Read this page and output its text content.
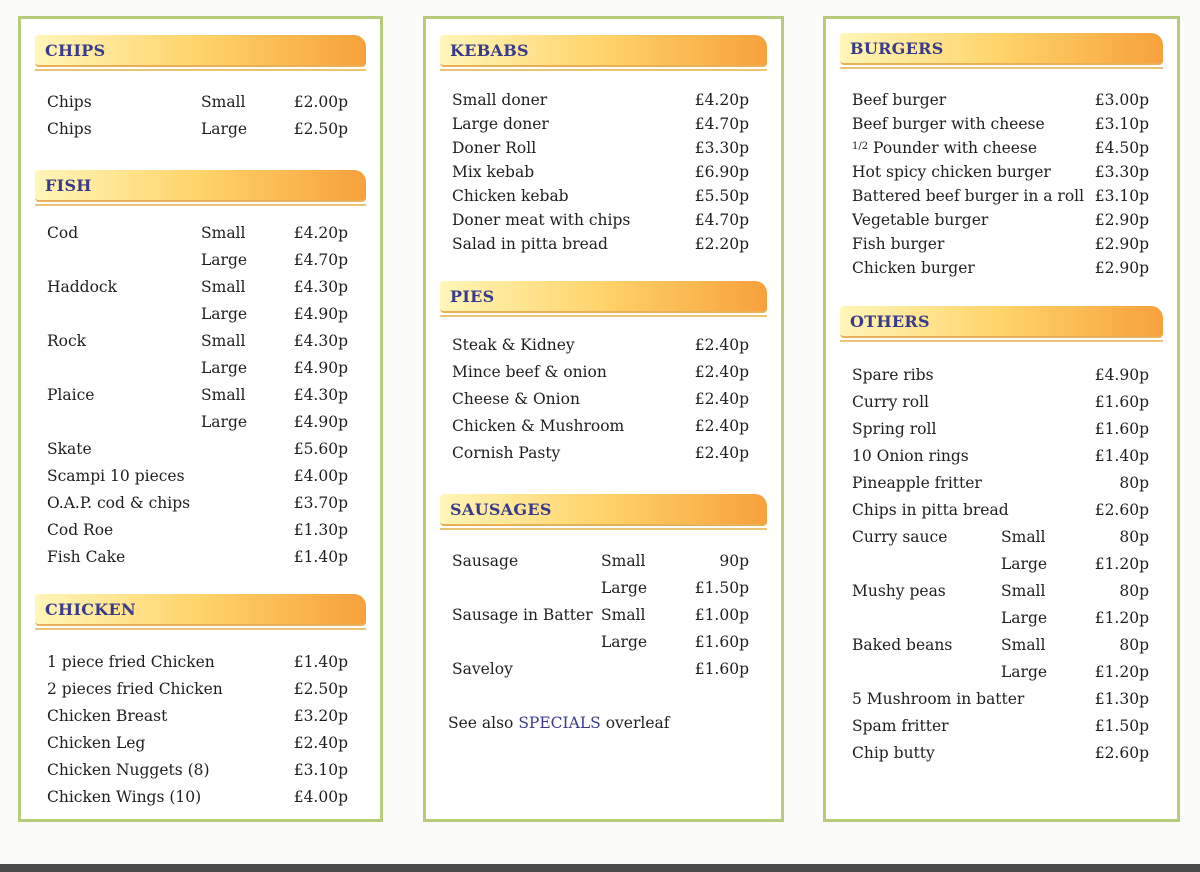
CHIPS
Chips	Small	£2.00p
Chips	Large	£2.50p
FISH
Cod	Small	£4.20p
Large	£4.70p
Haddock	Small	£4.30p
Large	£4.90p
Rock	Small	£4.30p
Large	£4.90p
Plaice	Small	£4.30p
Large	£4.90p
Skate	£5.60p
Scampi 10 pieces	£4.00p
O.A.P. cod & chips	£3.70p
Cod Roe	£1.30p
Fish Cake	£1.40p
CHICKEN
1 piece fried Chicken	£1.40p
2 pieces fried Chicken	£2.50p
Chicken Breast	£3.20p
Chicken Leg	£2.40p
Chicken Nuggets (8)	£3.10p
Chicken Wings (10)	£4.00p
KEBABS
Small doner	£4.20p
Large doner	£4.70p
Doner Roll	£3.30p
Mix kebab	£6.90p
Chicken kebab	£5.50p
Doner meat with chips	£4.70p
Salad in pitta bread	£2.20p
PIES
Steak & Kidney	£2.40p
Mince beef & onion	£2.40p
Cheese & Onion	£2.40p
Chicken & Mushroom	£2.40p
Cornish Pasty	£2.40p
SAUSAGES
Sausage	Small	90p
Large	£1.50p
Sausage in Batter Small	£1.00p
Large	£1.60p
Saveloy	£1.60p
See also SPECIALS overleaf
BURGERS
Beef burger	£3.00p
Beef burger with cheese	£3.10p
$^{1/2}$ Pounder with cheese	£4.50p
Hot spicy chicken burger	£3.30p
Battered beef burger in a roll £3.10p
Vegetable burger	£2.90p
Fish burger	£2.90p
Chicken burger	£2.90p
OTHERS
Spare ribs	£4.90p
Curry roll	£1.60p
Spring roll	£1.60p
10 Onion rings	£1.40p
Pineapple fritter	80p
Chips in pitta bread	£2.60p
Curry sauce	Small	80p
Large	£1.20p
Mushy peas	Small	80p
Large	£1.20p
Baked beans	Small	80p
Large	£1.20p
5 Mushroom in batter	£1.30p
Spam fritter	£1.50p
Chip butty	£2.60p
